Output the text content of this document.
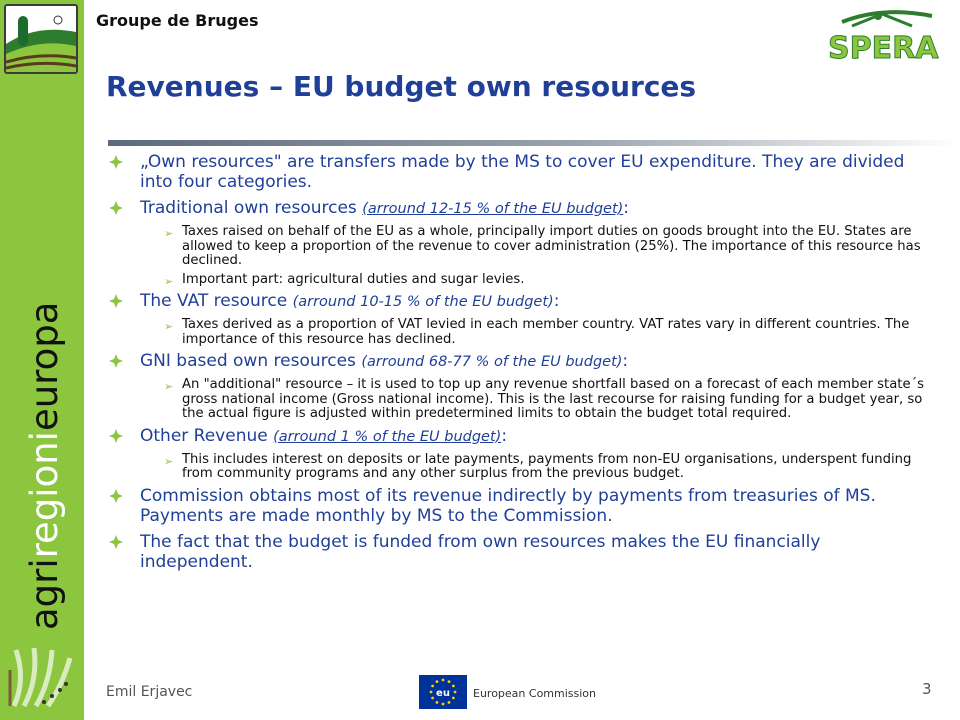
agriregionieuropa
Groupe de Bruges
SPERA
Revenues – EU budget own resources
„Own resources" are transfers made by the MS to cover EU expenditure. They are divided into four categories.
Traditional own resources (arround 12-15 % of the EU budget):
➢ Taxes raised on behalf of the EU as a whole, principally import duties on goods brought into the EU. States are allowed to keep a proportion of the revenue to cover administration (25%). The importance of this resource has declined.
➢ Important part: agricultural duties and sugar levies.
The VAT resource (arround 10-15 % of the EU budget):
➢ Taxes derived as a proportion of VAT levied in each member country. VAT rates vary in different countries. The importance of this resource has declined.
GNI based own resources (arround 68-77 % of the EU budget):
➢ An "additional" resource – it is used to top up any revenue shortfall based on a forecast of each member state´s gross national income (Gross national income). This is the last recourse for raising funding for a budget year, so the actual figure is adjusted within predetermined limits to obtain the budget total required.
Other Revenue (arround 1 % of the EU budget):
➢ This includes interest on deposits or late payments, payments from non-EU organisations, underspent funding from community programs and any other surplus from the previous budget.
Commission obtains most of its revenue indirectly by payments from treasuries of MS. Payments are made monthly by MS to the Commission.
The fact that the budget is funded from own resources makes the EU financially independent.
Emil Erjavec	eu European Commission	3
